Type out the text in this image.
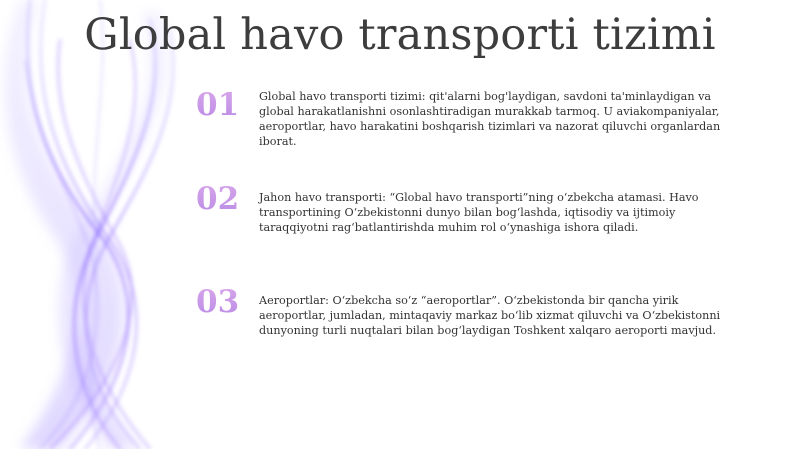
Global havo transporti tizimi
01	Global havo transporti tizimi: qit'alarni bog'laydigan, savdoni ta'minlaydigan va global harakatlanishni osonlashtiradigan murakkab tarmoq. U aviakompaniyalar, aeroportlar, havo harakatini boshqarish tizimlari va nazorat qiluvchi organlardan iborat.
02	Jahon havo transporti: “Global havo transporti”ning oʻzbekcha atamasi. Havo transportining Oʻzbekistonni dunyo bilan bogʻlashda, iqtisodiy va ijtimoiy taraqqiyotni ragʻbatlantirishda muhim rol oʻynashiga ishora qiladi.
03	Aeroportlar: Oʻzbekcha soʻz “aeroportlar”. Oʻzbekistonda bir qancha yirik aeroportlar, jumladan, mintaqaviy markaz boʻlib xizmat qiluvchi va Oʻzbekistonni dunyoning turli nuqtalari bilan bogʻlaydigan Toshkent xalqaro aeroporti mavjud.
